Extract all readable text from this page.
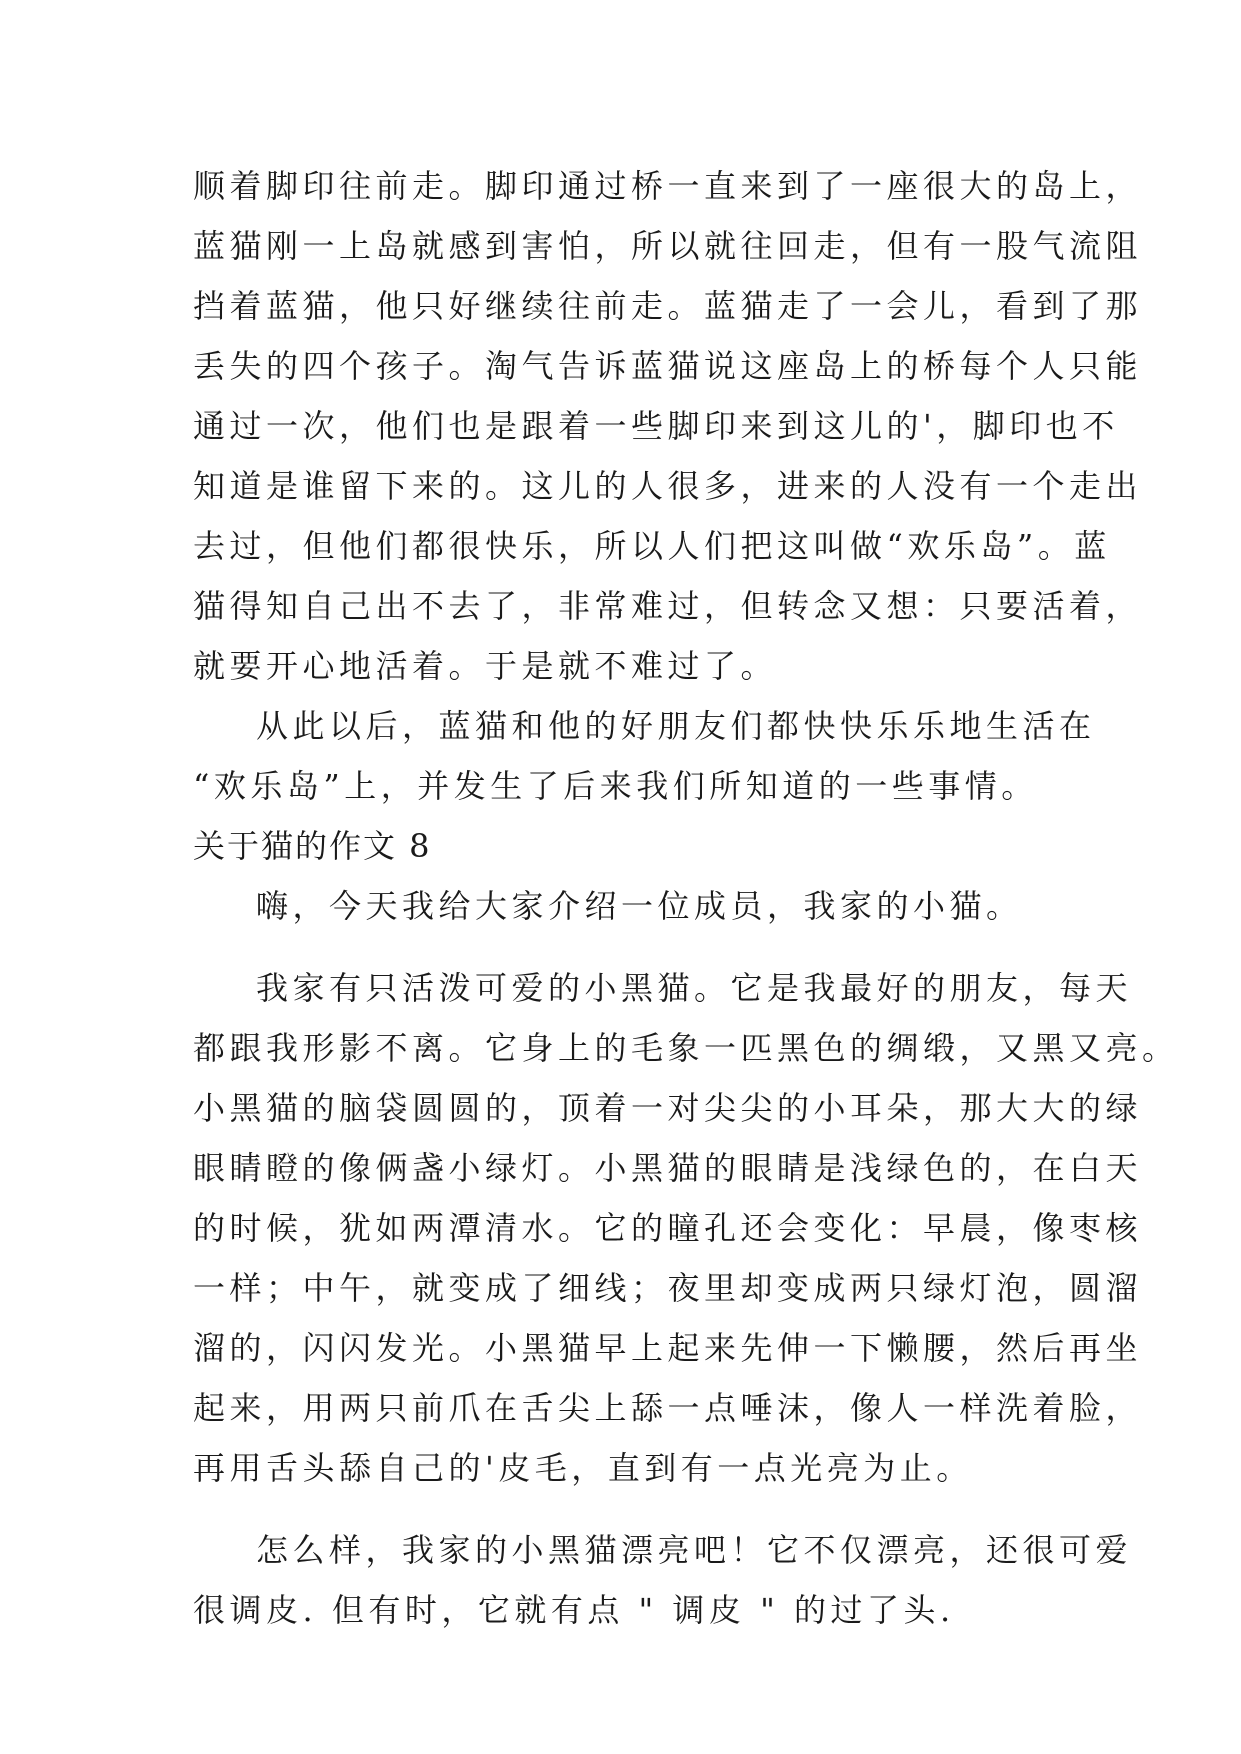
顺着脚印往前走。脚印通过桥一直来到了一座很大的岛上，
蓝猫刚一上岛就感到害怕，所以就往回走，但有一股气流阻
挡着蓝猫，他只好继续往前走。蓝猫走了一会儿，看到了那
丢失的四个孩子。淘气告诉蓝猫说这座岛上的桥每个人只能
通过一次，他们也是跟着一些脚印来到这儿的'，脚印也不
知道是谁留下来的。这儿的人很多，进来的人没有一个走出
去过，但他们都很快乐，所以人们把这叫做“欢乐岛”。蓝
猫得知自己出不去了，非常难过，但转念又想：只要活着，
就要开心地活着。于是就不难过了。
从此以后，蓝猫和他的好朋友们都快快乐乐地生活在
“欢乐岛”上，并发生了后来我们所知道的一些事情。
关于猫的作文 8
嗨，今天我给大家介绍一位成员，我家的小猫。
我家有只活泼可爱的小黑猫。它是我最好的朋友，每天
都跟我形影不离。它身上的毛象一匹黑色的绸缎，又黑又亮。
小黑猫的脑袋圆圆的，顶着一对尖尖的小耳朵，那大大的绿
眼睛瞪的像俩盏小绿灯。小黑猫的眼睛是浅绿色的，在白天
的时候，犹如两潭清水。它的瞳孔还会变化：早晨，像枣核
一样；中午，就变成了细线；夜里却变成两只绿灯泡，圆溜
溜的，闪闪发光。小黑猫早上起来先伸一下懒腰，然后再坐
起来，用两只前爪在舌尖上舔一点唾沫，像人一样洗着脸，
再用舌头舔自己的'皮毛，直到有一点光亮为止。
怎么样，我家的小黑猫漂亮吧！它不仅漂亮，还很可爱
很调皮. 但有时，它就有点 " 调皮 " 的过了头.
